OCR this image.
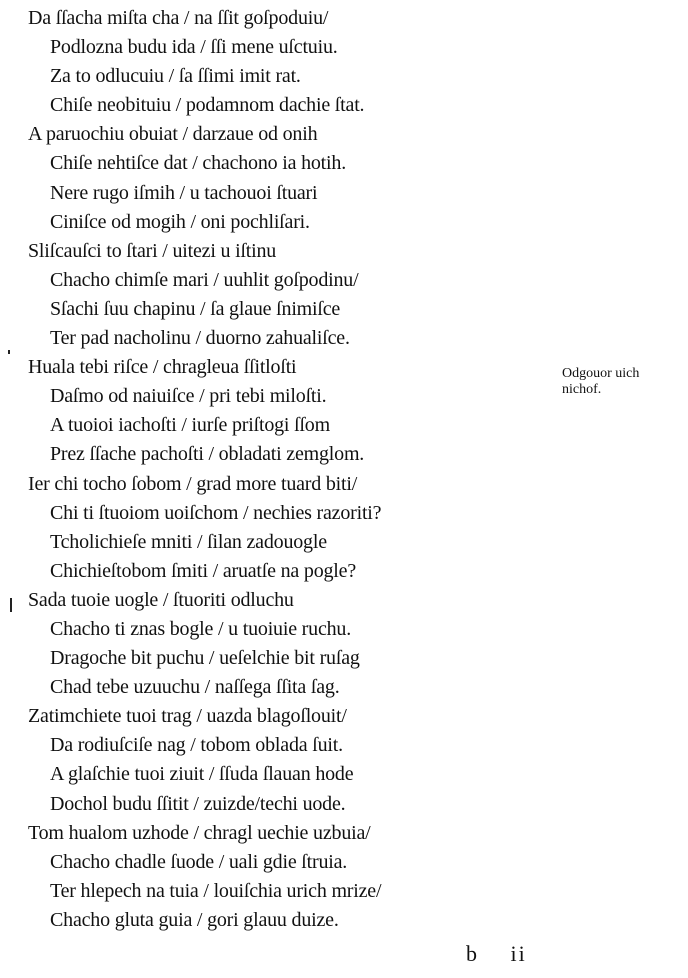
Da ſſacha miſta cha / na ſſit goſpoduiu/
Podlozna budu ida / ſſi mene uſctuiu.
Za to odlucuiu / ſa ſſimi imit rat.
Chiſe neobituiu / podamnom dachie ſtat.
A paruochiu obuiat / darzaue od onih
Chiſe nehtiſce dat / chachono ia hotih.
Nere rugo iſmih / u tachouoi ſtuari
Ciniſce od mogih / oni pochliſari.
Sliſcauſci to ſtari / uitezi u iſtinu
Chacho chimſe mari / uuhlit goſpodinu/
Sſachi ſuu chapinu / ſa glaue ſnimiſce
Ter pad nacholinu / duorno zahualiſce.
Huala tebi riſce / chragleua ſſitloſti
Daſmo od naiuiſce / pri tebi miloſti.
A tuoioi iachoſti / iurſe priſtogi ſſom
Prez ſſache pachoſti / obladati zemglom.
Ier chi tocho ſobom / grad more tuard biti/
Chi ti ſtuoiom uoiſchom / nechies razoriti?
Tcholichieſe mniti / ſilan zadouogle
Chichieſtobom ſmiti / aruatſe na pogle?
Sada tuoie uogle / ſtuoriti odluchu
Chacho ti znas bogle / u tuoiuie ruchu.
Dragoche bit puchu / ueſelchie bit ruſag
Chad tebe uzuuchu / naſſega ſſita ſag.
Zatimchiete tuoi trag / uazda blagoſlouit/
Da rodiuſciſe nag / tobom oblada ſuit.
A glaſchie tuoi ziuit / ſſuda ſlauan hode
Dochol budu ſſitit / zuizde/techi uode.
Tom hualom uzhode / chragl uechie uzbuia/
Chacho chadle ſuode / uali gdie ſtruia.
Ter hlepech na tuia / louiſchia urich mrize/
Chacho gluta guia / gori glauu duize.
Odgouor uich
nichof.
b ii
